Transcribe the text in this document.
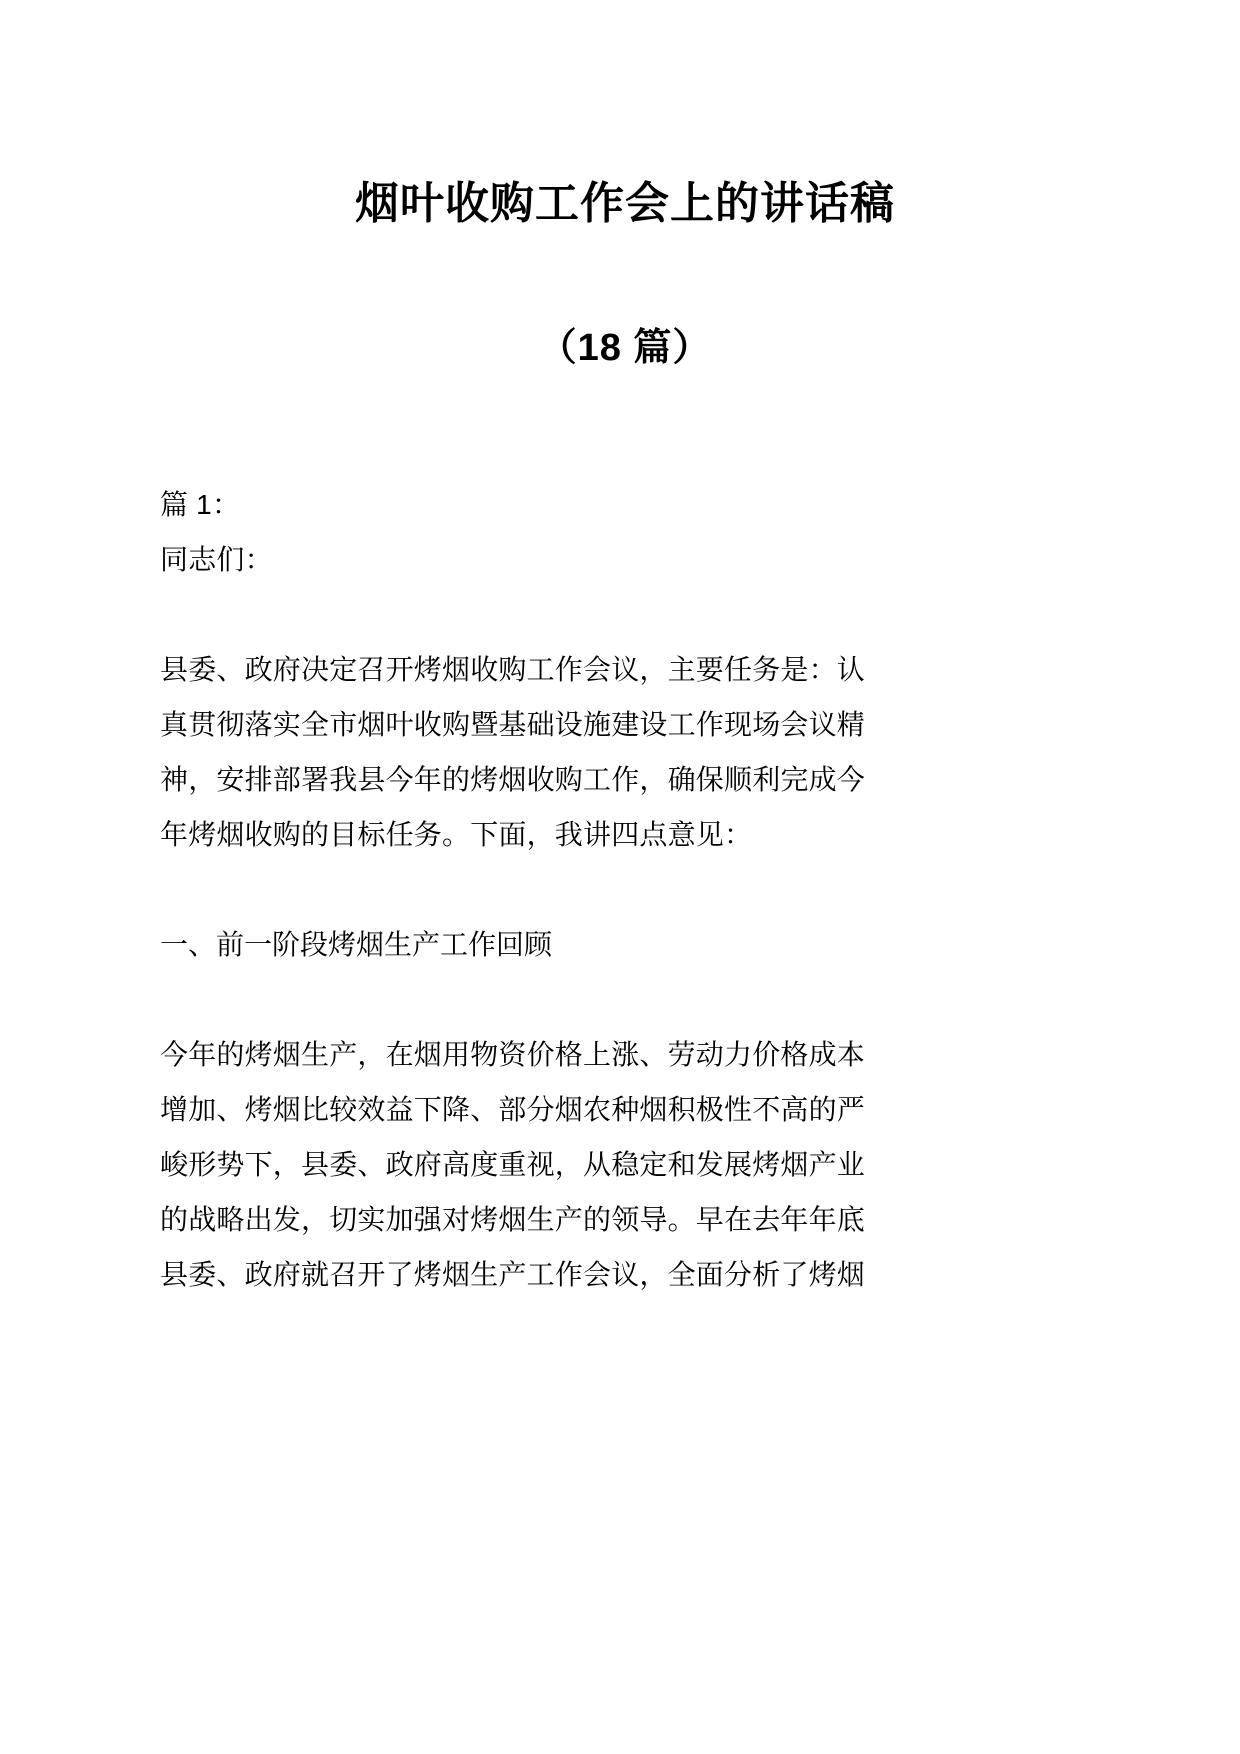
烟叶收购工作会上的讲话稿
（18 篇）
篇 1：
同志们：
县委、政府决定召开烤烟收购工作会议，主要任务是：认
真贯彻落实全市烟叶收购暨基础设施建设工作现场会议精
神，安排部署我县今年的烤烟收购工作，确保顺利完成今
年烤烟收购的目标任务。下面，我讲四点意见：
一、前一阶段烤烟生产工作回顾
今年的烤烟生产，在烟用物资价格上涨、劳动力价格成本
增加、烤烟比较效益下降、部分烟农种烟积极性不高的严
峻形势下，县委、政府高度重视，从稳定和发展烤烟产业
的战略出发，切实加强对烤烟生产的领导。早在去年年底
县委、政府就召开了烤烟生产工作会议，全面分析了烤烟
